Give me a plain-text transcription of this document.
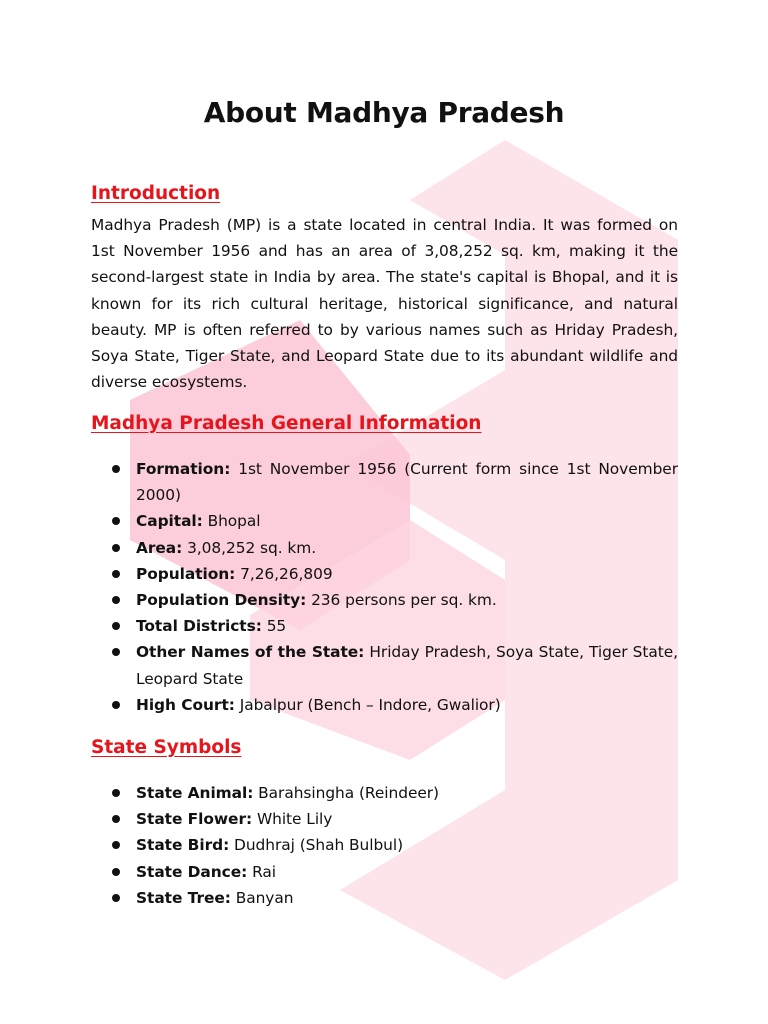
About Madhya Pradesh
Introduction

Madhya Pradesh (MP) is a state located in central India. It was formed on 1st November 1956 and has an area of 3,08,252 sq. km, making it the second-largest state in India by area. The state's capital is Bhopal, and it is known for its rich cultural heritage, historical significance, and natural beauty. MP is often referred to by various names such as Hriday Pradesh, Soya State, Tiger State, and Leopard State due to its abundant wildlife and diverse ecosystems.

Madhya Pradesh General Information
Formation: 1st November 1956 (Current form since 1st November 2000)
Capital: Bhopal
Area: 3,08,252 sq. km.
Population: 7,26,26,809
Population Density: 236 persons per sq. km.
Total Districts: 55
Other Names of the State: Hriday Pradesh, Soya State, Tiger State, Leopard State
High Court: Jabalpur (Bench – Indore, Gwalior)
State Symbols
State Animal: Barahsingha (Reindeer)
State Flower: White Lily
State Bird: Dudhraj (Shah Bulbul)
State Dance: Rai
State Tree: Banyan
